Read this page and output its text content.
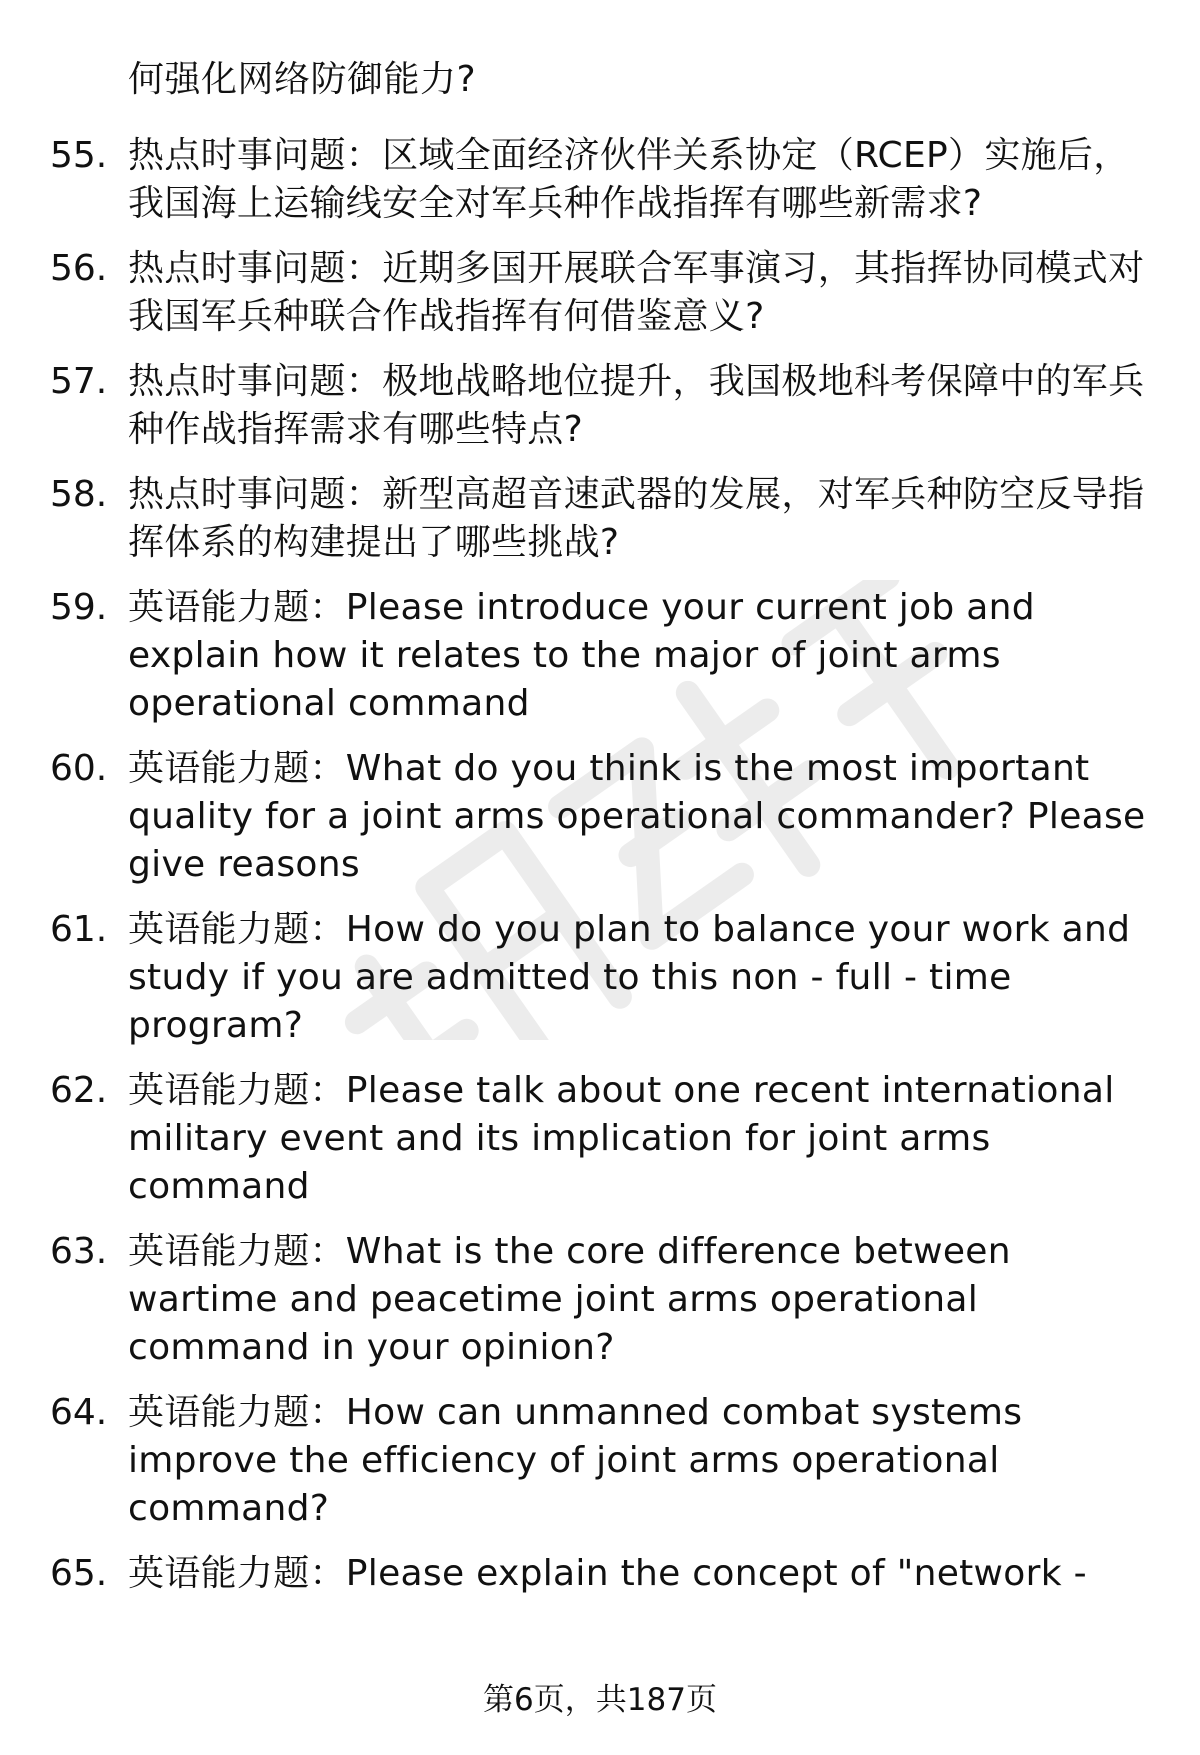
何强化网络防御能力?
55. 热点时事问题：区域全面经济伙伴关系协定（RCEP）实施后，我国海上运输线安全对军兵种作战指挥有哪些新需求?
56. 热点时事问题：近期多国开展联合军事演习，其指挥协同模式对我国军兵种联合作战指挥有何借鉴意义?
57. 热点时事问题：极地战略地位提升，我国极地科考保障中的军兵种作战指挥需求有哪些特点?
58. 热点时事问题：新型高超音速武器的发展，对军兵种防空反导指挥体系的构建提出了哪些挑战?
59. 英语能力题：Please introduce your current job and explain how it relates to the major of joint arms operational command
60. 英语能力题：What do you think is the most important quality for a joint arms operational commander? Please give reasons
61. 英语能力题：How do you plan to balance your work and study if you are admitted to this non - full - time program?
62. 英语能力题：Please talk about one recent international military event and its implication for joint arms command
63. 英语能力题：What is the core difference between wartime and peacetime joint arms operational command in your opinion?
64. 英语能力题：How can unmanned combat systems improve the efficiency of joint arms operational command?
65. 英语能力题：Please explain the concept of "network -
第6页，共187页
